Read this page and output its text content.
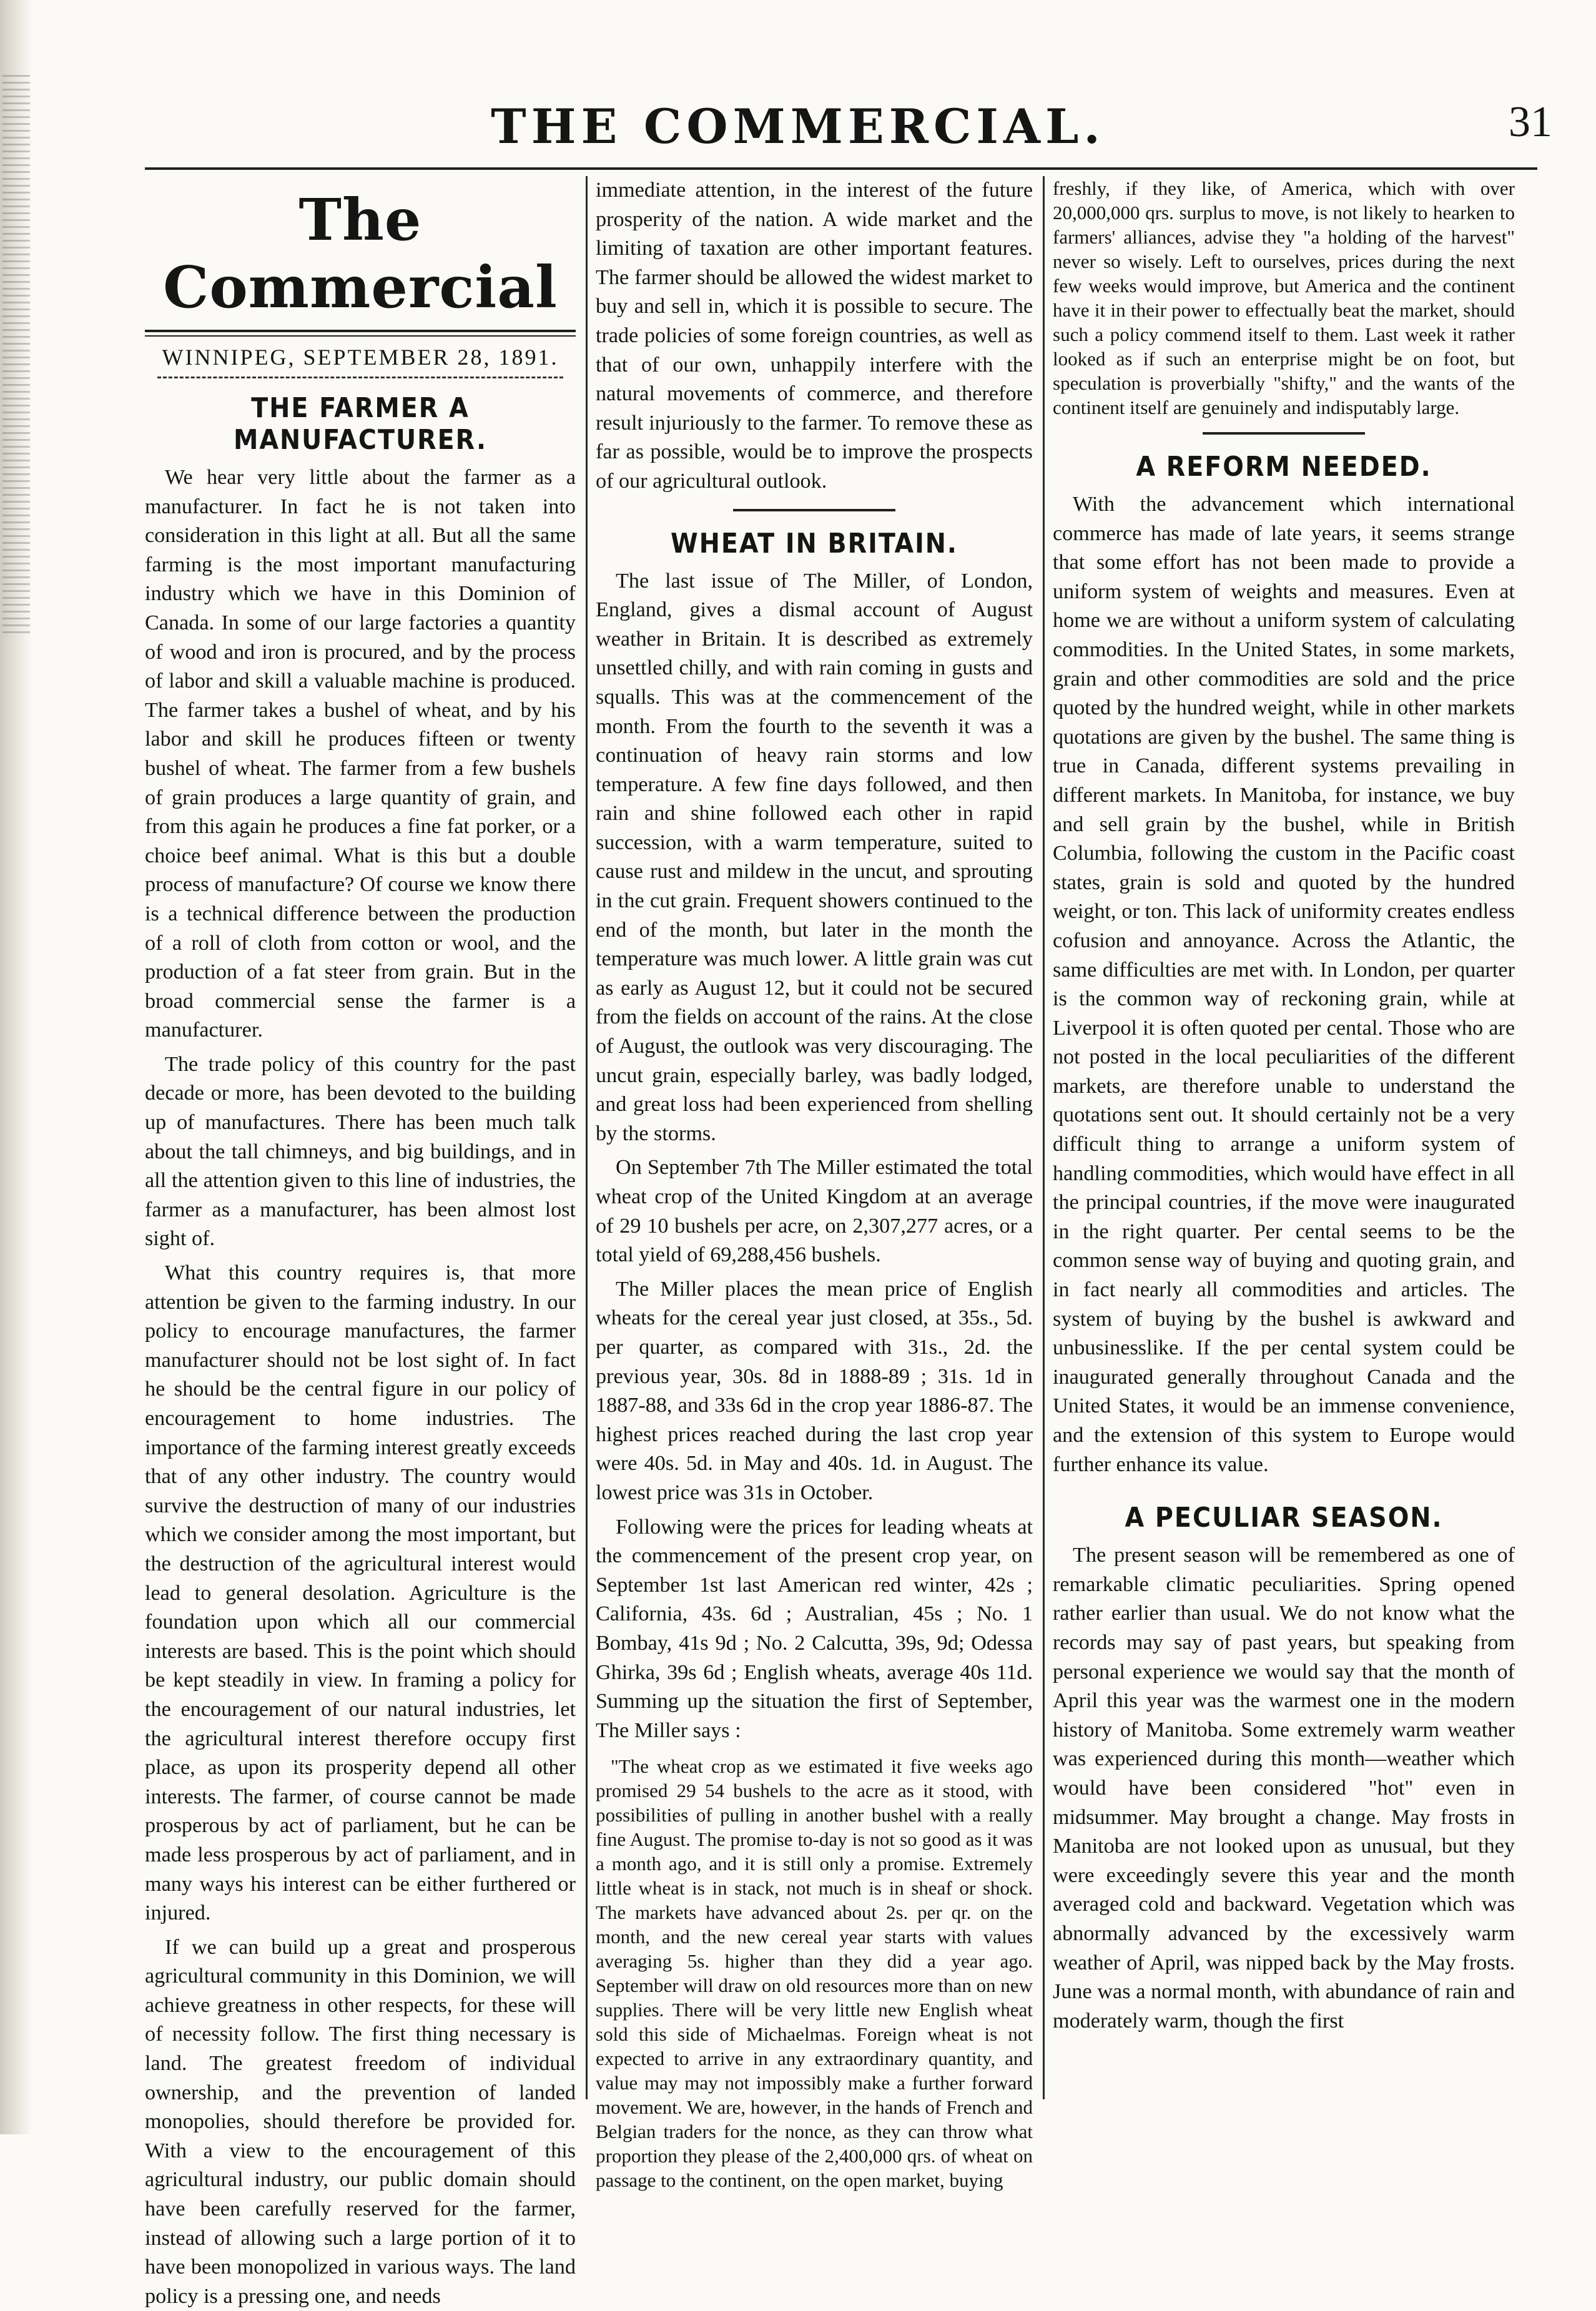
THE COMMERCIAL.	31
The Commercial
WINNIPEG, SEPTEMBER 28, 1891.
THE FARMER A MANUFACTURER.

We hear very little about the farmer as a manufacturer. In fact he is not taken into consideration in this light at all. But all the same farming is the most important manufacturing industry which we have in this Dominion of Canada. In some of our large factories a quantity of wood and iron is procured, and by the process of labor and skill a valuable machine is produced. The farmer takes a bushel of wheat, and by his labor and skill he produces fifteen or twenty bushel of wheat. The farmer from a few bushels of grain produces a large quantity of grain, and from this again he produces a fine fat porker, or a choice beef animal. What is this but a double process of manufacture? Of course we know there is a technical difference between the production of a roll of cloth from cotton or wool, and the production of a fat steer from grain. But in the broad commercial sense the farmer is a manufacturer.

The trade policy of this country for the past decade or more, has been devoted to the building up of manufactures. There has been much talk about the tall chimneys, and big buildings, and in all the attention given to this line of industries, the farmer as a manufacturer, has been almost lost sight of.

What this country requires is, that more attention be given to the farming industry. In our policy to encourage manufactures, the farmer manufacturer should not be lost sight of. In fact he should be the central figure in our policy of encouragement to home industries. The importance of the farming interest greatly exceeds that of any other industry. The country would survive the destruction of many of our industries which we consider among the most important, but the destruction of the agricultural interest would lead to general desolation. Agriculture is the foundation upon which all our commercial interests are based. This is the point which should be kept steadily in view. In framing a policy for the encouragement of our natural industries, let the agricultural interest therefore occupy first place, as upon its prosperity depend all other interests. The farmer, of course cannot be made prosperous by act of parliament, but he can be made less prosperous by act of parliament, and in many ways his interest can be either furthered or injured.

If we can build up a great and prosperous agricultural community in this Dominion, we will achieve greatness in other respects, for these will of necessity follow. The first thing necessary is land. The greatest freedom of individual ownership, and the prevention of landed monopolies, should therefore be provided for. With a view to the encouragement of this agricultural industry, our public domain should have been carefully reserved for the farmer, instead of allowing such a large portion of it to have been monopolized in various ways. The land policy is a pressing one, and needs

immediate attention, in the interest of the future prosperity of the nation. A wide market and the limiting of taxation are other important features. The farmer should be allowed the widest market to buy and sell in, which it is possible to secure. The trade policies of some foreign countries, as well as that of our own, unhappily interfere with the natural movements of commerce, and therefore result injuriously to the farmer. To remove these as far as possible, would be to improve the prospects of our agricultural outlook.

WHEAT IN BRITAIN.

The last issue of The Miller, of London, England, gives a dismal account of August weather in Britain. It is described as extremely unsettled chilly, and with rain coming in gusts and squalls. This was at the commencement of the month. From the fourth to the seventh it was a continuation of heavy rain storms and low temperature. A few fine days followed, and then rain and shine followed each other in rapid succession, with a warm temperature, suited to cause rust and mildew in the uncut, and sprouting in the cut grain. Frequent showers continued to the end of the month, but later in the month the temperature was much lower. A little grain was cut as early as August 12, but it could not be secured from the fields on account of the rains. At the close of August, the outlook was very discouraging. The uncut grain, especially barley, was badly lodged, and great loss had been experienced from shelling by the storms.

On September 7th The Miller estimated the total wheat crop of the United Kingdom at an average of 29 10 bushels per acre, on 2,307,277 acres, or a total yield of 69,288,456 bushels.

The Miller places the mean price of English wheats for the cereal year just closed, at 35s., 5d. per quarter, as compared with 31s., 2d. the previous year, 30s. 8d in 1888-89 ; 31s. 1d in 1887-88, and 33s 6d in the crop year 1886-87. The highest prices reached during the last crop year were 40s. 5d. in May and 40s. 1d. in August. The lowest price was 31s in October.

Following were the prices for leading wheats at the commencement of the present crop year, on September 1st last American red winter, 42s ; California, 43s. 6d ; Australian, 45s ; No. 1 Bombay, 41s 9d ; No. 2 Calcutta, 39s, 9d; Odessa Ghirka, 39s 6d ; English wheats, average 40s 11d. Summing up the situation the first of September, The Miller says :

"The wheat crop as we estimated it five weeks ago promised 29 54 bushels to the acre as it stood, with possibilities of pulling in another bushel with a really fine August. The promise to-day is not so good as it was a month ago, and it is still only a promise. Extremely little wheat is in stack, not much is in sheaf or shock. The markets have advanced about 2s. per qr. on the month, and the new cereal year starts with values averaging 5s. higher than they did a year ago. September will draw on old resources more than on new supplies. There will be very little new English wheat sold this side of Michaelmas. Foreign wheat is not expected to arrive in any extraordinary quantity, and value may may not impossibly make a further forward movement. We are, however, in the hands of French and Belgian traders for the nonce, as they can throw what proportion they please of the 2,400,000 qrs. of wheat on passage to the continent, on the open market, buying

freshly, if they like, of America, which with over 20,000,000 qrs. surplus to move, is not likely to hearken to farmers' alliances, advise they "a holding of the harvest" never so wisely. Left to ourselves, prices during the next few weeks would improve, but America and the continent have it in their power to effectually beat the market, should such a policy commend itself to them. Last week it rather looked as if such an enterprise might be on foot, but speculation is proverbially "shifty," and the wants of the continent itself are genuinely and indisputably large.

A REFORM NEEDED.

With the advancement which international commerce has made of late years, it seems strange that some effort has not been made to provide a uniform system of weights and measures. Even at home we are without a uniform system of calculating commodities. In the United States, in some markets, grain and other commodities are sold and the price quoted by the hundred weight, while in other markets quotations are given by the bushel. The same thing is true in Canada, different systems prevailing in different markets. In Manitoba, for instance, we buy and sell grain by the bushel, while in British Columbia, following the custom in the Pacific coast states, grain is sold and quoted by the hundred weight, or ton. This lack of uniformity creates endless cofusion and annoyance. Across the Atlantic, the same difficulties are met with. In London, per quarter is the common way of reckoning grain, while at Liverpool it is often quoted per cental. Those who are not posted in the local peculiarities of the different markets, are therefore unable to understand the quotations sent out. It should certainly not be a very difficult thing to arrange a uniform system of handling commodities, which would have effect in all the principal countries, if the move were inaugurated in the right quarter. Per cental seems to be the common sense way of buying and quoting grain, and in fact nearly all commodities and articles. The system of buying by the bushel is awkward and unbusinesslike. If the per cental system could be inaugurated generally throughout Canada and the United States, it would be an immense convenience, and the extension of this system to Europe would further enhance its value.

A PECULIAR SEASON.

The present season will be remembered as one of remarkable climatic peculiarities. Spring opened rather earlier than usual. We do not know what the records may say of past years, but speaking from personal experience we would say that the month of April this year was the warmest one in the modern history of Manitoba. Some extremely warm weather was experienced during this month—weather which would have been considered "hot" even in midsummer. May brought a change. May frosts in Manitoba are not looked upon as unusual, but they were exceedingly severe this year and the month averaged cold and backward. Vegetation which was abnormally advanced by the excessively warm weather of April, was nipped back by the May frosts. June was a normal month, with abundance of rain and moderately warm, though the first
